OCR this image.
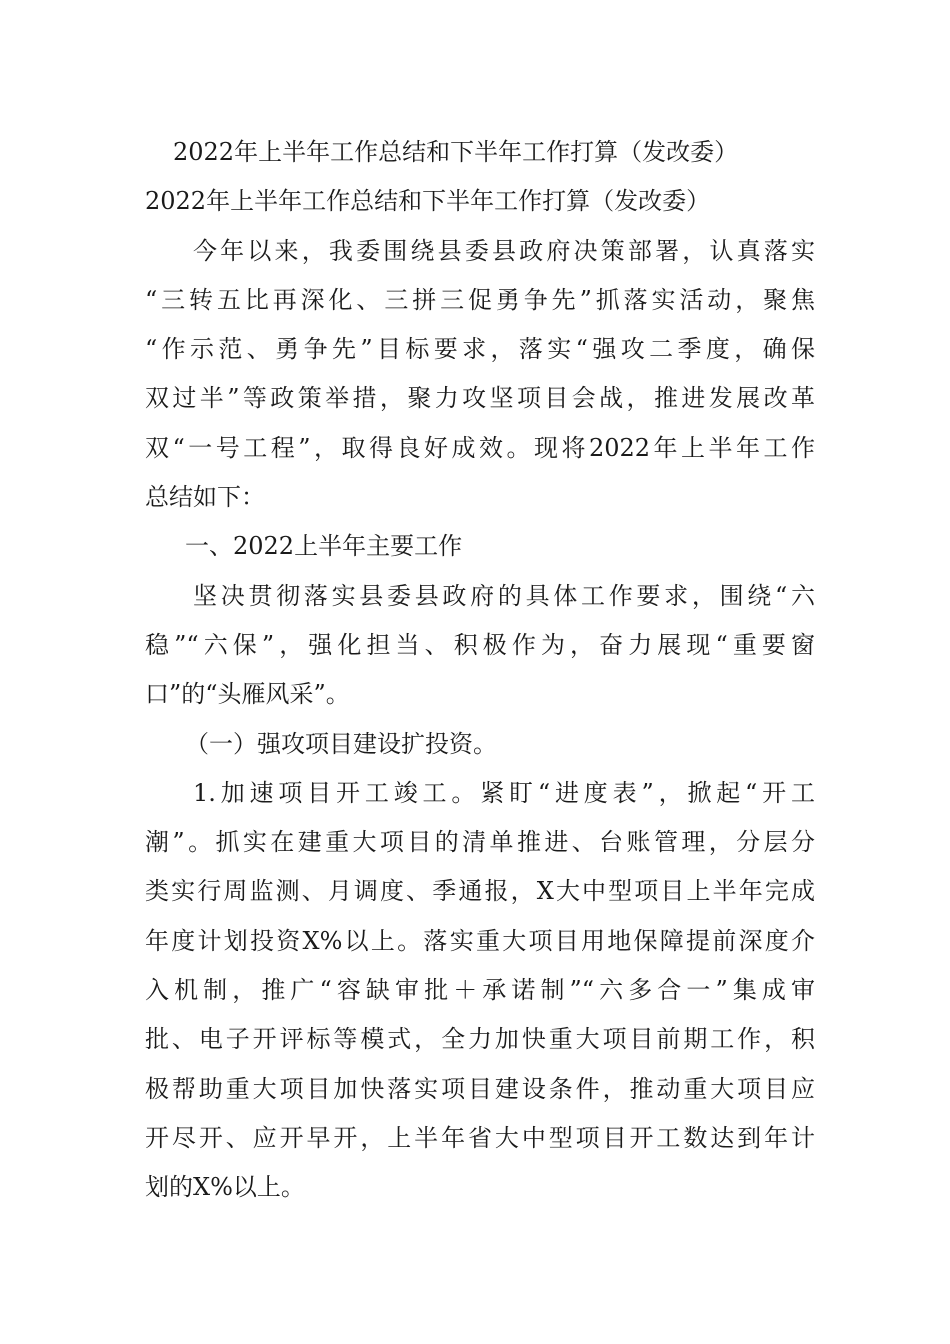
2022年上半年工作总结和下半年工作打算（发改委）
2022年上半年工作总结和下半年工作打算（发改委）
今年以来，我委围绕县委县政府决策部署，认真落实
“三转五比再深化、三拼三促勇争先”抓落实活动，聚焦
“作示范、勇争先”目标要求，落实“强攻二季度，确保
双过半”等政策举措，聚力攻坚项目会战，推进发展改革
双“一号工程”，取得良好成效。现将2022年上半年工作
总结如下：
一、2022上半年主要工作
坚决贯彻落实县委县政府的具体工作要求，围绕“六
稳”“六保”，强化担当、积极作为，奋力展现“重要窗
口”的“头雁风采”。
（一）强攻项目建设扩投资。
1.加速项目开工竣工。紧盯“进度表”，掀起“开工
潮”。抓实在建重大项目的清单推进、台账管理，分层分
类实行周监测、月调度、季通报，X大中型项目上半年完成
年度计划投资X%以上。落实重大项目用地保障提前深度介
入机制，推广“容缺审批＋承诺制”“六多合一”集成审
批、电子开评标等模式，全力加快重大项目前期工作，积
极帮助重大项目加快落实项目建设条件，推动重大项目应
开尽开、应开早开，上半年省大中型项目开工数达到年计
划的X%以上。
